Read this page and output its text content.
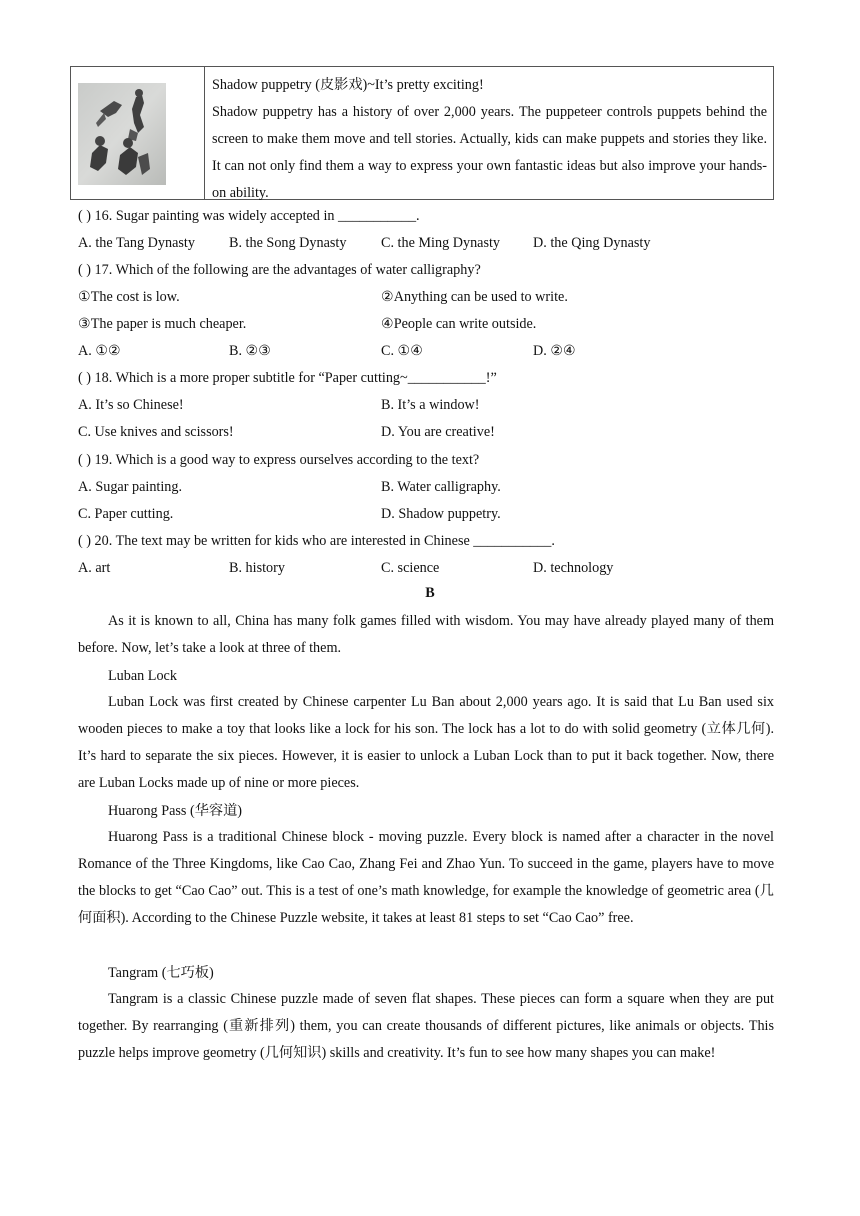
Shadow puppetry (皮影戏)~It’s pretty exciting!

Shadow puppetry has a history of over 2,000 years. The puppeteer controls puppets behind the screen to make them move and tell stories. Actually, kids can make puppets and stories they like. It can not only find them a way to express your own fantastic ideas but also improve your hands-on ability.

( ) 16. Sugar painting was widely accepted in ___________.
A. the Tang Dynasty B. the Song Dynasty C. the Ming Dynasty D. the Qing Dynasty
( ) 17. Which of the following are the advantages of water calligraphy?
①The cost is low.	②Anything can be used to write.
③The paper is much cheaper.	④People can write outside.
A. ①②	B. ②③	C. ①④	D. ②④
( ) 18. Which is a more proper subtitle for “Paper cutting~___________!”
A. It’s so Chinese!	B. It’s a window!
C. Use knives and scissors!	D. You are creative!
( ) 19. Which is a good way to express ourselves according to the text?
A. Sugar painting.	B. Water calligraphy.
C. Paper cutting.	D. Shadow puppetry.
( ) 20. The text may be written for kids who are interested in Chinese ___________.
A. art	B. history	C. science	D. technology
B

As it is known to all, China has many folk games filled with wisdom. You may have already played many of them before. Now, let’s take a look at three of them.

Luban Lock

Luban Lock was first created by Chinese carpenter Lu Ban about 2,000 years ago. It is said that Lu Ban used six wooden pieces to make a toy that looks like a lock for his son. The lock has a lot to do with solid geometry (立体几何). It’s hard to separate the six pieces. However, it is easier to unlock a Luban Lock than to put it back together. Now, there are Luban Locks made up of nine or more pieces.

Huarong Pass (华容道)

Huarong Pass is a traditional Chinese block - moving puzzle. Every block is named after a character in the novel Romance of the Three Kingdoms, like Cao Cao, Zhang Fei and Zhao Yun. To succeed in the game, players have to move the blocks to get “Cao Cao” out. This is a test of one’s math knowledge, for example the knowledge of geometric area (几何面积). According to the Chinese Puzzle website, it takes at least 81 steps to set “Cao Cao” free.

Tangram (七巧板)

Tangram is a classic Chinese puzzle made of seven flat shapes. These pieces can form a square when they are put together. By rearranging (重新排列) them, you can create thousands of different pictures, like animals or objects. This puzzle helps improve geometry (几何知识) skills and creativity. It’s fun to see how many shapes you can make!
